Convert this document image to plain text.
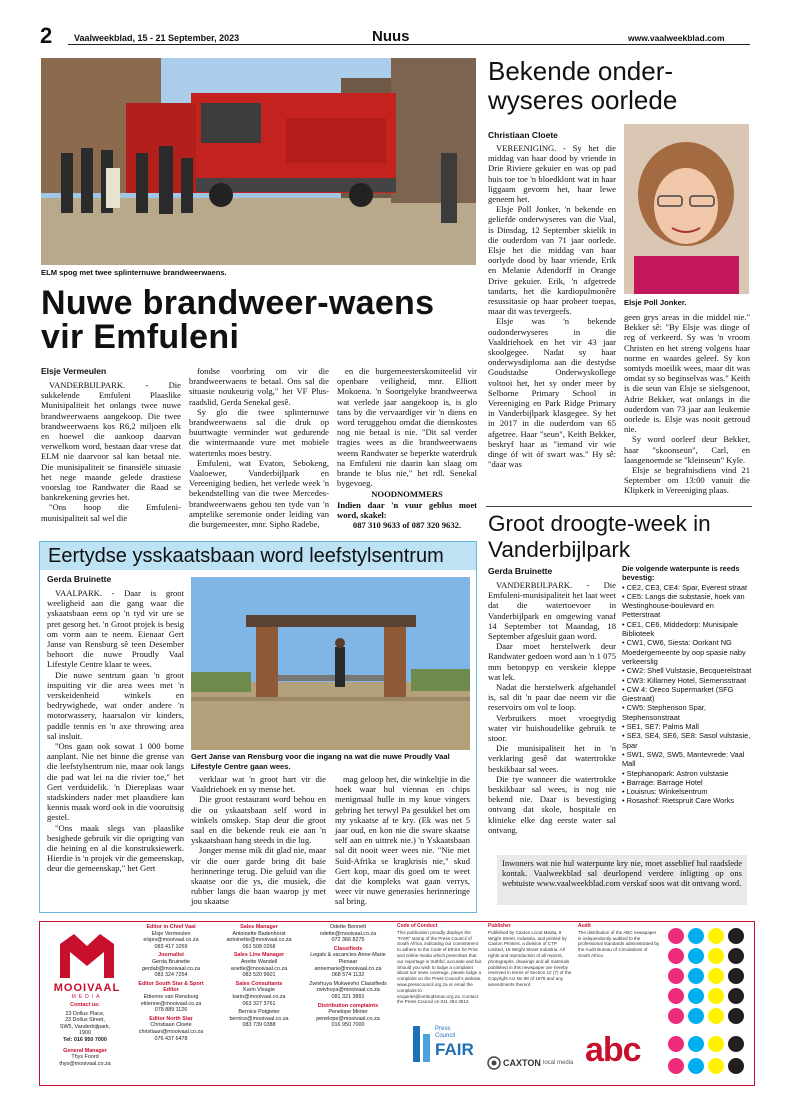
2 Vaalweekblad, 15 - 21 September, 2023	Nuus	www.vaalweekblad.com
ELM spog met twee splinternuwe brandweerwaens.
Nuwe brandweer-waens vir Emfuleni
Elsje Vermeulen

VANDERBIJLPARK. - Die sukkelende Emfuleni Plaaslike Munisipaliteit het onlangs twee nuwe brandweerwaens aangekoop. Die twee brandweerwaens kos R6,2 miljoen elk en hoewel die aankoop daarvan verwelkom word, bestaan daar vrese dat ELM nie daarvoor sal kan betaal nie. Die munisipaliteit se finansiële situasie het nege maande gelede drastiese voorslag toe Randwater die Raad se bankrekening gevries het.

"Ons hoop die Emfuleni-munisipaliteit sal wel die

fondse voorbring om vir die brandweerwaens te betaal. Ons sal die situasie noukeurig volg," het VF Plus-raadslid, Gerda Senekal gesê.

Sy glo die twee splinternuwe brandweerwaens sal die druk op buurtwagte verminder wat gedurende die wintermaande vure met mobiele watertenks moes bestry.

Emfuleni, wat Evaton, Sebokeng, Vaaloewer, Vanderbijlpark en Vereeniging bedien, het verlede week 'n bekendstelling van die twee Mercedes-brandweerwaens gehou ten tyde van 'n amptelike seremonie onder leiding van die burgemeester, mnr. Sipho Radebe,

en die burgemeesterskomiteelid vir openbare veiligheid, mnr. Elliott Mokoena. 'n Soortgelyke brandweerwa wat verlede jaar aangekoop is, is glo tans by die vervaardiger vir 'n diens en word teruggehou omdat die dienskostes nog nie betaal is nie. "Dit sal verder tragies wees as die brandweerwaens weens Randwater se beperkte waterdruk na Emfuleni nie daarin kan slaag om brande te blus nie," het rdl. Senekal bygevoeg.

NOODNOMMERS
Indien daar 'n vuur geblus moet word, skakel:
087 310 9633 of 087 320 9632.
Eertydse ysskaatsbaan word leefstylsentrum
Gerda Bruinette

VAALPARK. - Daar is groot weeligheid aan die gang waar die yskaatsbaan eens op 'n tyd vir ure se pret gesorg het. 'n Groot projek is besig om vorm aan te neem. Eienaar Gert Janse van Rensburg sê teen Desember behoort die nuwe Proudly Vaal Lifestyle Centre klaar te wees.

Die nuwe sentrum gaan 'n groot inspuiting vir die area wees met 'n verskeidenheid winkels en bedrywighede, wat onder andere 'n motorwassery, haarsalon vir kinders, paddle tennis en 'n axe throwing area sal insluit.

"Ons gaan ook sowat 1 000 bome aanplant. Nie net binne die grense van die leefstylsentrum nie, maar ook langs die pad wat lei na die rivier toe," het Gert verduidelik. 'n Diereplaas waar stadskinders nader met plaasdiere kan kennis maak word ook in die vooruitsig gestel.

"Ons maak slegs van plaaslike besighede gebruik vir die oprigting van die heining en al die konstruksiewerk. Hierdie is 'n projek vir die gemeenskap, deur die gemeenskap," het Gert

Gert Janse van Rensburg voor die ingang na wat die nuwe Proudly Vaal Lifestyle Centre gaan wees.

verklaar wat 'n groot hart vir die Vaaldriehoek en sy mense het.

Die groot restaurant word behou en die ou yskaatsbaan self word in winkels omskep. Stap deur die groot saal en die bekende reuk eie aan 'n yskaatsbaan hang steeds in die lug.

Jonger mense mik dit glad nie, maar vir die ouer garde bring dit baie herinneringe terug. Die geluid van die skaatse oor die ys, die musiek, die rubber langs die baan waarop jy met jou skaatse

mag geloop het, die winkeltjie in die hoek waar hul viennas en chips menigmaal hulle in my koue vingers gebring het terwyl Pa gesukkel het om my yskaatse af te kry. (Ek was net 5 jaar oud, en kon nie die sware skaatse self aan en uittrek nie.) 'n Yskaatsbaan sal dit nooit weer wees nie. "Nie met Suid-Afrika se kragkrisis nie," skud Gert kop, maar dis goed om te weet dat die kompleks wat gaan verrys, weer vir nuwe generasies herinneringe sal bring.

Bekende onder-wyseres oorlede
Christiaan Cloete

VEREENIGING. - Sy het die middag van haar dood by vriende in Drie Riviere gekuier en was op pad huis toe toe 'n bloedklont wat in haar liggaam gevorm het, haar lewe geneem het.

Elsje Poll Jonker, 'n bekende en geliefde onderwyseres van die Vaal, is Dinsdag, 12 September skielik in die ouderdom van 71 jaar oorlede. Elsje het die middag van haar oorlyde dood by haar vriende, Erik en Melanie Adendorff in Orange Drive gekuier. Erik, 'n afgetrede tandarts, het die kardiopulmonêre resussitasie op haar probeer toepas, maar dit was tevergeefs.

Elsje was 'n bekende oudonderwyseres in die Vaaldriehoek en het vir 43 jaar skoolgegee. Nadat sy haar onderwysdiploma aan die destydse Goudstadse Onderwyskollege voltooi het, het sy onder meer by Selborne Primary School in Vereeniging en Park Ridge Primary in Vanderbijlpark klasgegee. Sy het in 2017 in die ouderdom van 65 afgetree. Haar "seun", Keith Bekker, beskryf haar as "iemand vir wie dinge óf wit óf swart was." Hy sê: "daar was

Elsje Poll Jonker.

geen grys areas in die middel nie." Bekker sê: "By Elsje was dinge of reg of verkeerd. Sy was 'n vroom Christen en het streng volgens haar norme en waardes geleef. Sy kon somtyds moeilik wees, maar dit was omdat sy so beginselvas was." Keith is die seun van Elsje se sielsgenoot, Adrie Bekker, wat onlangs in die ouderdom van 73 jaar aan leukemie oorlede is. Elsje was nooit getroud nie.

Sy word oorleef deur Bekker, haar "skoonseun", Carl, en laasgenoemde se "kleinseun" Kyle.

Elsje se begrafnisdiens vind 21 September om 13:00 vanuit die Klipkerk in Vereeniging plaas.

Groot droogte-week in Vanderbijlpark
Gerda Bruinette

VANDERBIJLPARK. - Die Emfuleni-munisipaliteit het laat weet dat die watertoevoer in Vanderbijlpark en omgewing vanaf 14 September tot Maandag, 18 September afgesluit gaan word.

Daar moet herstelwerk deur Randwater gedoen word aan 'n 1 075 mm betonpyp en verskeie kleppe wat lek.

Nadat die herstelwerk afgehandel is, sal dit 'n paar dae neem vir die reservoirs om vol te loop.

Verbruikers moet vroegtydig water vir huishoudelike gebruik te stoor.

Die munisipaliteit het in 'n verklaring gesê dat watertrokke beskikbaar sal wees.

Die tye wanneer die watertrokke beskikbaar sal wees, is nog nie bekend nie. Daar is bevestiging ontvang dat skole, hospitale en klinieke elke dag eerste water sal ontvang.

Die volgende waterpunte is reeds bevestig:
• CE2, CE3, CE4: Spar, Everest straat
• CE5: Langs die substasie, hoek van Westinghouse-boulevard en Petterstraat
• CE1, CE6, Middedorp: Munisipale Biblioteek
• CW1, CW6, Siesta: Oorkant NG Moedergemeente by oop spasie naby verkeerslig
• CW2: Shell Vulstasie, Becquerelstraat
• CW3: Killarney Hotel, Siemensstraat
• CW 4: Oreco Supermarket (SFG Giestraat)
• CW5: Stephenson Spar, Stephensonstraat
• SE1, SE7: Palms Mall
• SE3, SE4, SE6, SE8: Sasol vulstasie, Spar
• SW1, SW2, SW5, Mantevrede: Vaal Mall
• Stephanopark: Astron vulstasie
• Barrage: Barrage Hotel
• Louisrus: Winkelsentrum
• Rosashof: Rietspruit Care Works
Inwoners wat nie hul waterpunte kry nie, moet asseblief hul raadslede kontak. Vaalweekblad sal deurlopend verdere inligting op ons webtuiste www.vaalweekblad.com verskaf soos wat dit ontvang word.
MOOIVAAL
MEDIA

Contact us:

23 Dollus Place,
23 Dollus Street,
SW5, Vanderbijlpark,
1900
Tel: 016 950 7000
General Manager
Thys Foord
thys@mooivaal.co.za

Editor in Chief Vaal
Elsje Vermeulen
elsjev@mooivaal.co.za
083 417 1059

Journalist
Gerda Bruinette
gerdab@mooivaal.co.za
083 324 7254

Editor South Star & Sport Editor
Ettienne van Rensburg
ettienne@mooivaal.co.za
078 889 1126

Editor North Star
Christiaan Cloete
christiaan@mooivaal.co.za
076 437 6478

Sales Manager
Antoinette Badenhorst
antoinette@mooivaal.co.za
061 508 0268

Sales Line Manager
Anette Wandell
anette@mooivaal.co.za
083 520 9601

Sales Consultants
Karin Visagie
karin@mooivaal.co.za
063 327 3761

Bernice Potgieter
bernice@mooivaal.co.za
083 739 0388

Odette Bennett
odette@mooivaal.co.za
072 366 8275

Classifieds
Legals & vacancies Anne-Marie Pienaar
annemarie@mooivaal.co.za
068 574 1132

Zwivhuya Mukwevho Classifieds
zwivhuya@mooivaal.co.za
081 321 3891

Distribution complaints
Penelope Minter
penelope@mooivaal.co.za
016 950 7000

Code of Conduct
This publication proudly displays the "FAIR" stamp of the Press Council of South Africa, indicating our commitment to adhere to the Code of Ethics for Print and online media which prescribes that our reportage is truthful, accurate and fair. Should you wish to lodge a complaint about our news coverage, please lodge a complaint on the Press Council's website, www.presscouncil.org.za or email the complaint to enquiries@ombudsman.org.za. Contact the Press Council on 011 484 3612.
Press
Council
FAIR
Publisher
Published by Caxton Local Media, 9 Wright Street, Industria, and printed by Caxton Printers, a division of CTP Limited, 16 Wright Street Industria. All rights and reproduction of all reports, photographs, drawings and all materials published in this newspaper are hereby reserved in terms of Section 12 (7) of the Copyright Act No 98 of 1978 and any amendments thereof.
CAXTON local media
Audit
The distribution of the ABC newspaper is independently audited to the professional standards administrated by the Audit Bureau of Circulations of South Africa.
abc
